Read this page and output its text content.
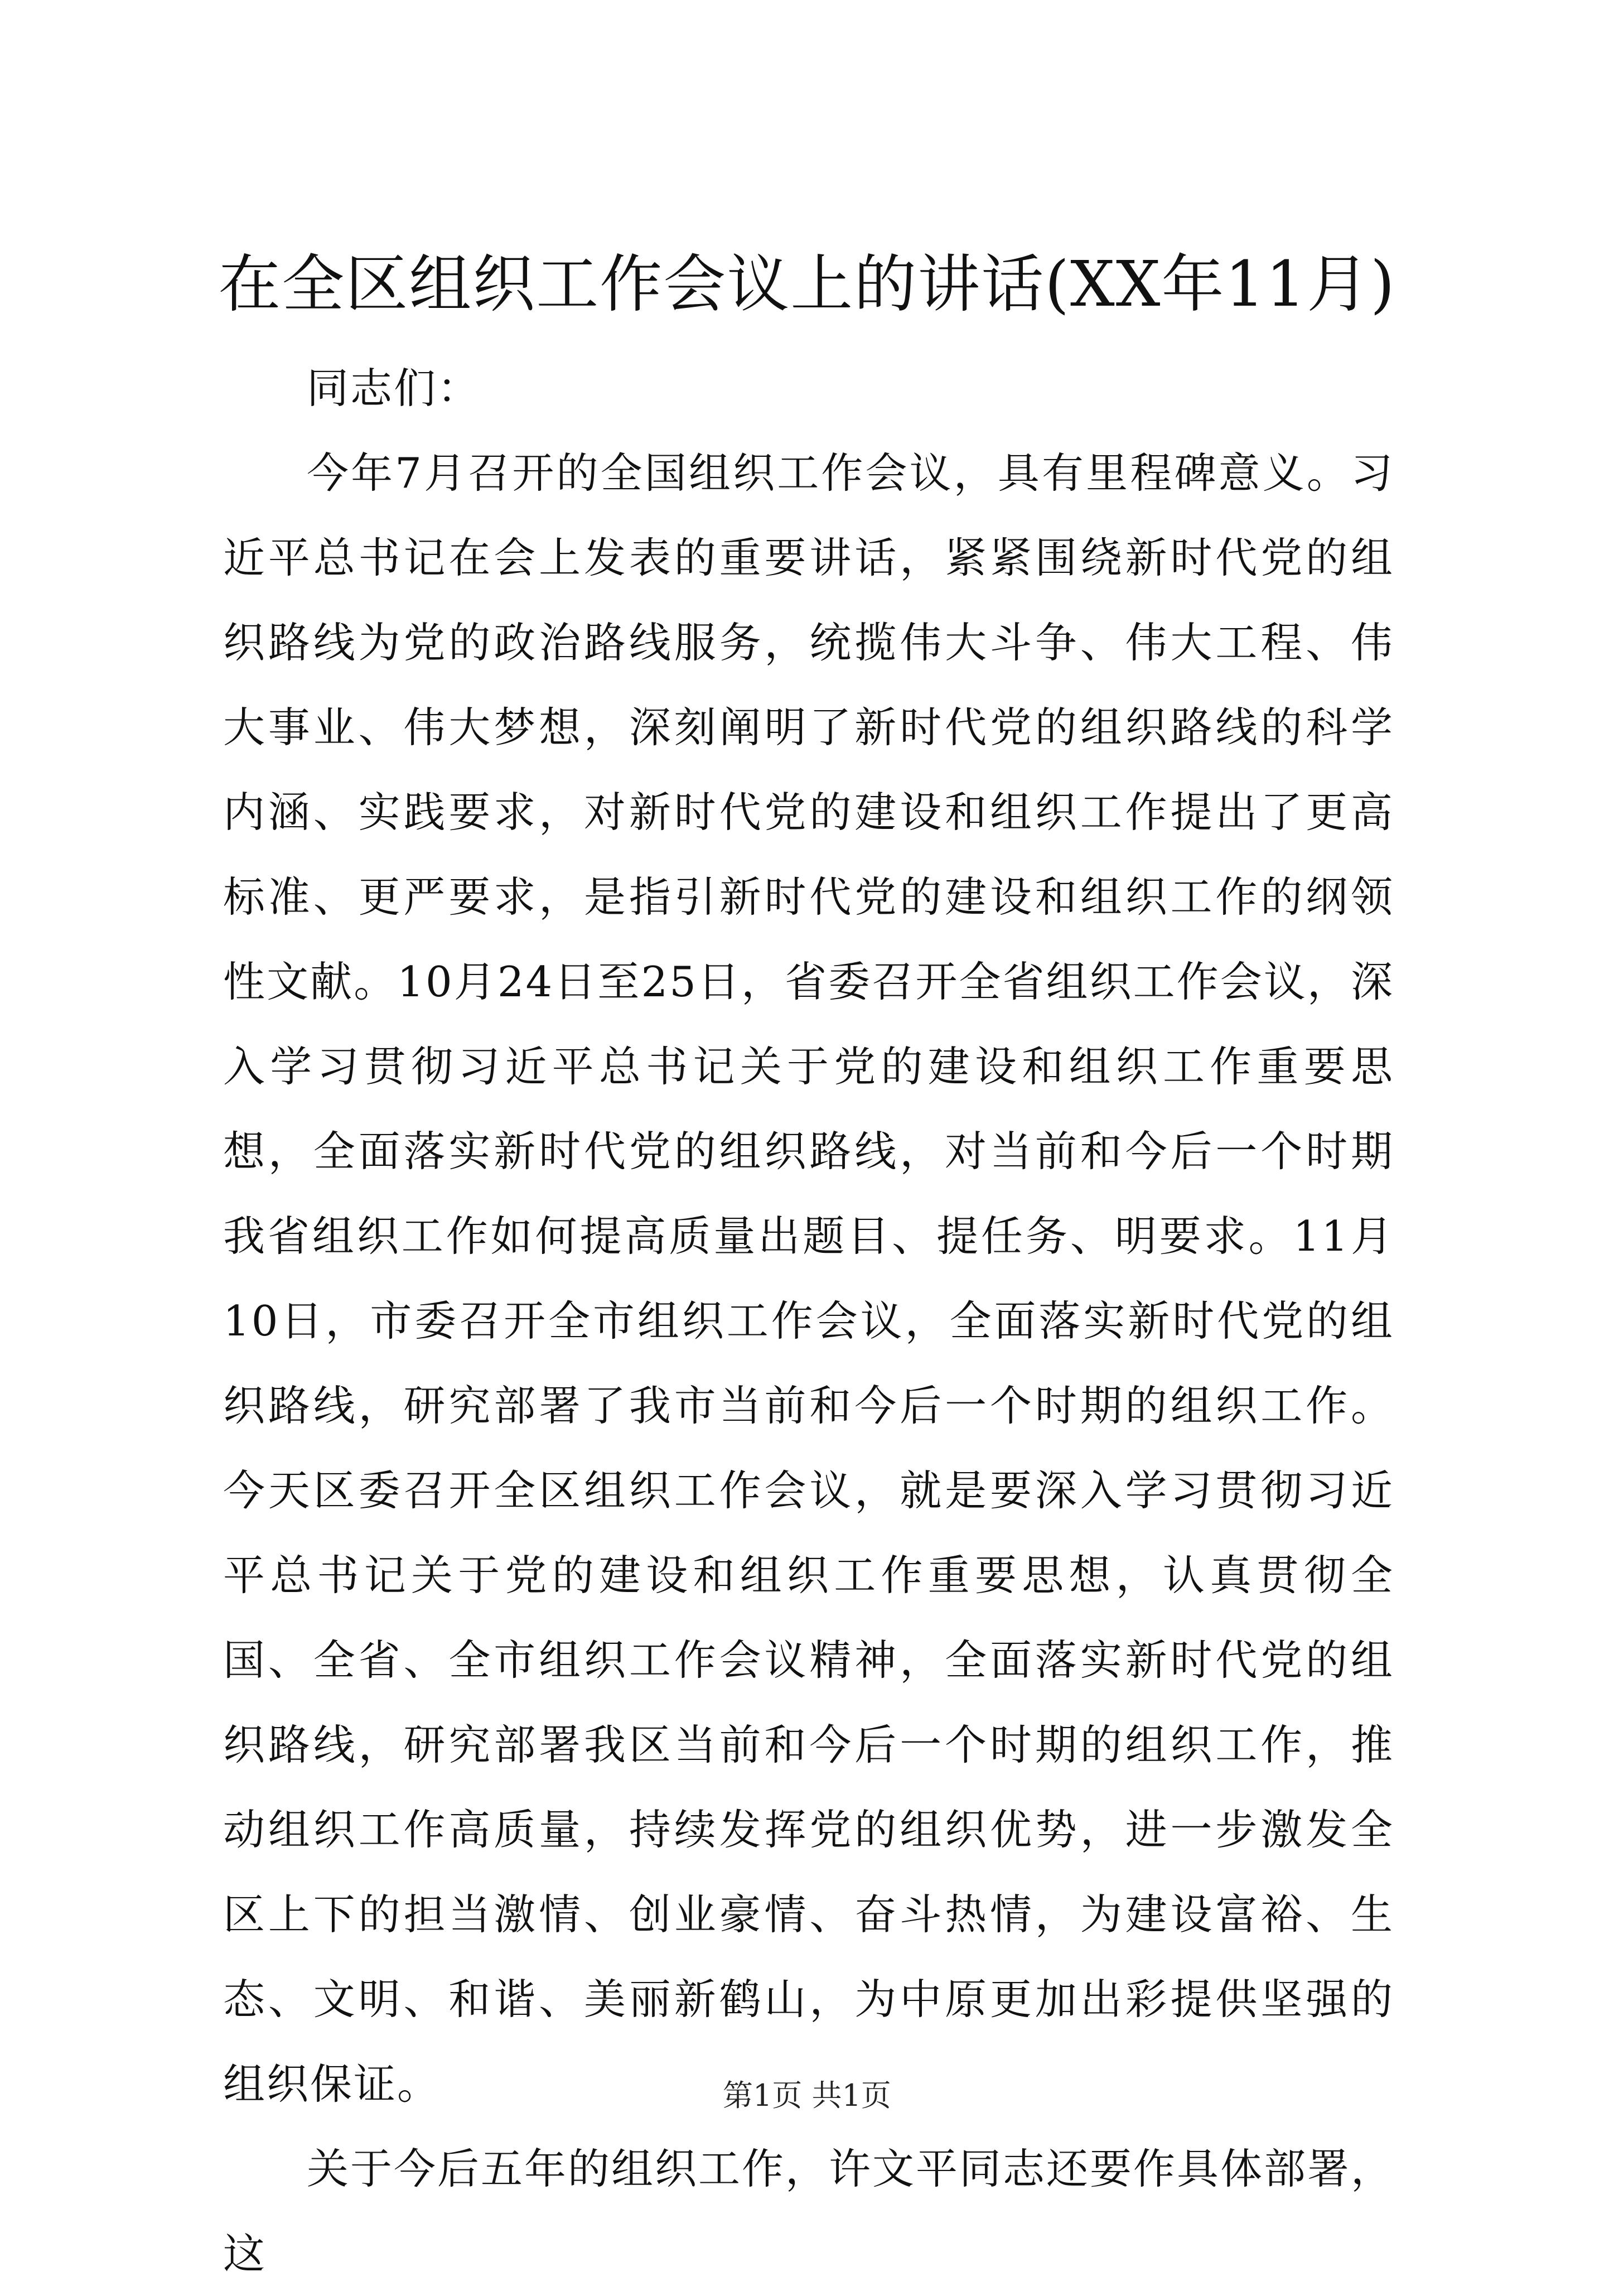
在全区组织工作会议上的讲话(XX年11月)

同志们：

今年7月召开的全国组织工作会议，具有里程碑意义。习近平总书记在会上发表的重要讲话，紧紧围绕新时代党的组织路线为党的政治路线服务，统揽伟大斗争、伟大工程、伟大事业、伟大梦想，深刻阐明了新时代党的组织路线的科学内涵、实践要求，对新时代党的建设和组织工作提出了更高标准、更严要求，是指引新时代党的建设和组织工作的纲领性文献。10月24日至25日，省委召开全省组织工作会议，深入学习贯彻习近平总书记关于党的建设和组织工作重要思想，全面落实新时代党的组织路线，对当前和今后一个时期我省组织工作如何提高质量出题目、提任务、明要求。11月10日，市委召开全市组织工作会议，全面落实新时代党的组织路线，研究部署了我市当前和今后一个时期的组织工作。今天区委召开全区组织工作会议，就是要深入学习贯彻习近平总书记关于党的建设和组织工作重要思想，认真贯彻全国、全省、全市组织工作会议精神，全面落实新时代党的组织路线，研究部署我区当前和今后一个时期的组织工作，推动组织工作高质量，持续发挥党的组织优势，进一步激发全区上下的担当激情、创业豪情、奋斗热情，为建设富裕、生态、文明、和谐、美丽新鹤山，为中原更加出彩提供坚强的组织保证。

关于今后五年的组织工作，许文平同志还要作具体部署，这

第1页 共1页
